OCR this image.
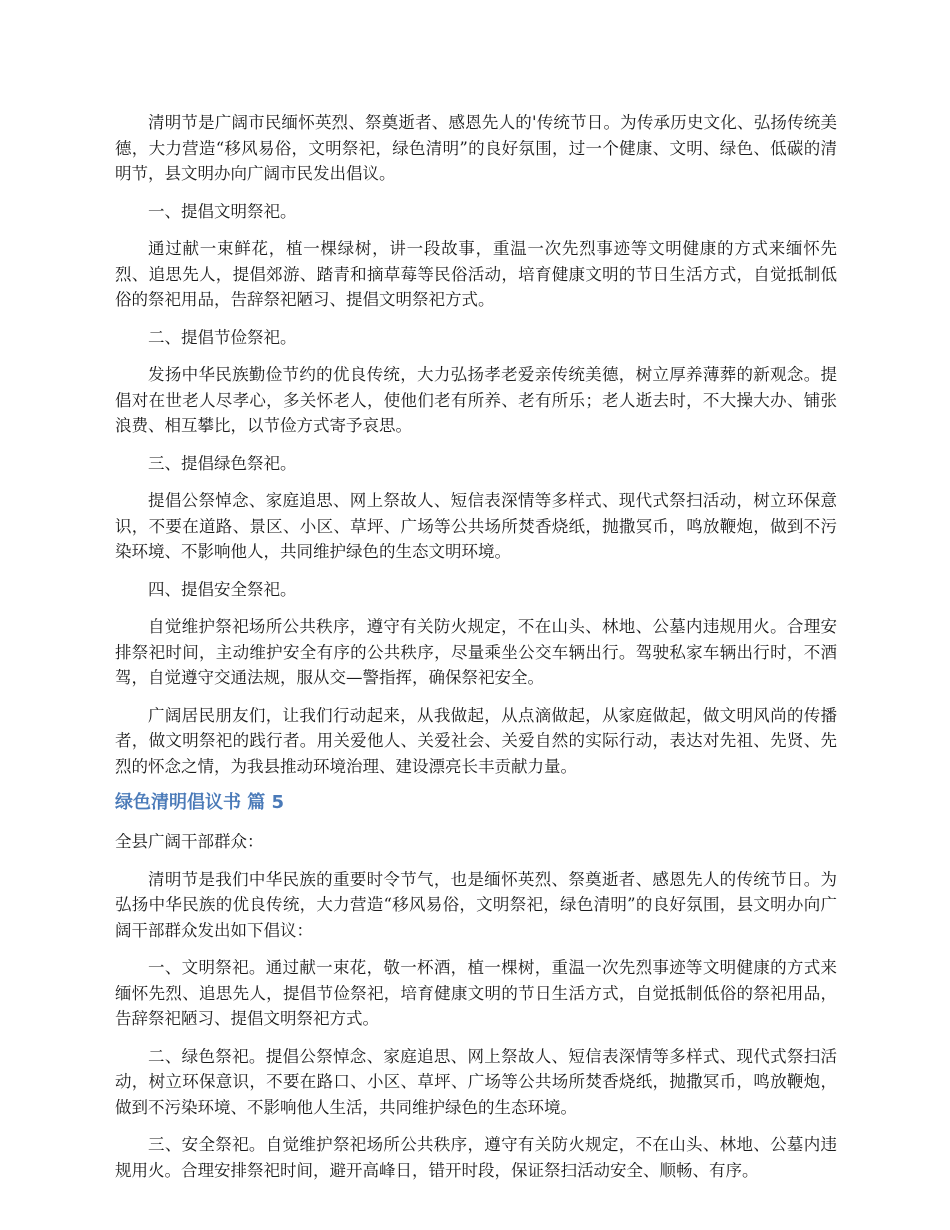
清明节是广阔市民缅怀英烈、祭奠逝者、感恩先人的'传统节日。为传承历史文化、弘扬传统美德，大力营造“移风易俗，文明祭祀，绿色清明”的良好氛围，过一个健康、文明、绿色、低碳的清明节，县文明办向广阔市民发出倡议。

一、提倡文明祭祀。

通过献一束鲜花，植一棵绿树，讲一段故事，重温一次先烈事迹等文明健康的方式来缅怀先烈、追思先人，提倡郊游、踏青和摘草莓等民俗活动，培育健康文明的节日生活方式，自觉抵制低俗的祭祀用品，告辞祭祀陋习、提倡文明祭祀方式。

二、提倡节俭祭祀。

发扬中华民族勤俭节约的优良传统，大力弘扬孝老爱亲传统美德，树立厚养薄葬的新观念。提倡对在世老人尽孝心，多关怀老人，使他们老有所养、老有所乐；老人逝去时，不大操大办、铺张浪费、相互攀比，以节俭方式寄予哀思。

三、提倡绿色祭祀。

提倡公祭悼念、家庭追思、网上祭故人、短信表深情等多样式、现代式祭扫活动，树立环保意识，不要在道路、景区、小区、草坪、广场等公共场所焚香烧纸，抛撒冥币，鸣放鞭炮，做到不污染环境、不影响他人，共同维护绿色的生态文明环境。

四、提倡安全祭祀。

自觉维护祭祀场所公共秩序，遵守有关防火规定，不在山头、林地、公墓内违规用火。合理安排祭祀时间，主动维护安全有序的公共秩序，尽量乘坐公交车辆出行。驾驶私家车辆出行时，不酒驾，自觉遵守交通法规，服从交—警指挥，确保祭祀安全。

广阔居民朋友们，让我们行动起来，从我做起，从点滴做起，从家庭做起，做文明风尚的传播者，做文明祭祀的践行者。用关爱他人、关爱社会、关爱自然的实际行动，表达对先祖、先贤、先烈的怀念之情，为我县推动环境治理、建设漂亮长丰贡献力量。

绿色清明倡议书 篇 5

全县广阔干部群众：

清明节是我们中华民族的重要时令节气，也是缅怀英烈、祭奠逝者、感恩先人的传统节日。为弘扬中华民族的优良传统，大力营造“移风易俗，文明祭祀，绿色清明”的良好氛围，县文明办向广阔干部群众发出如下倡议：

一、文明祭祀。通过献一束花，敬一杯酒，植一棵树，重温一次先烈事迹等文明健康的方式来缅怀先烈、追思先人，提倡节俭祭祀，培育健康文明的节日生活方式，自觉抵制低俗的祭祀用品，告辞祭祀陋习、提倡文明祭祀方式。

二、绿色祭祀。提倡公祭悼念、家庭追思、网上祭故人、短信表深情等多样式、现代式祭扫活动，树立环保意识，不要在路口、小区、草坪、广场等公共场所焚香烧纸，抛撒冥币，鸣放鞭炮，做到不污染环境、不影响他人生活，共同维护绿色的生态环境。

三、安全祭祀。自觉维护祭祀场所公共秩序，遵守有关防火规定，不在山头、林地、公墓内违规用火。合理安排祭祀时间，避开高峰日，错开时段，保证祭扫活动安全、顺畅、有序。
